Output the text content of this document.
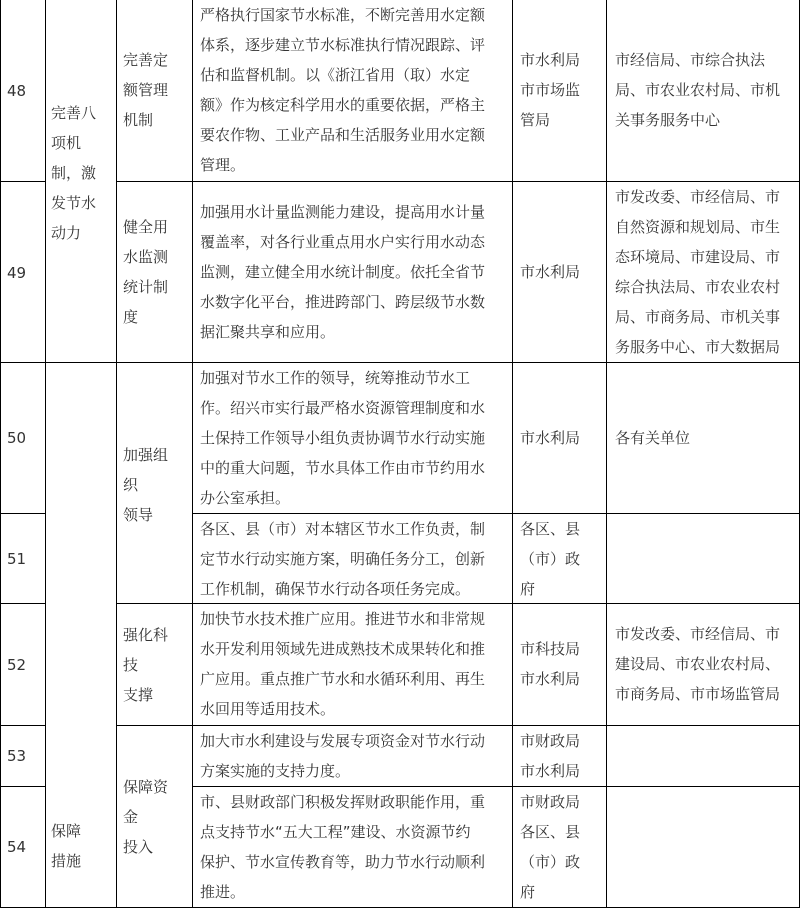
48
49
50
51
52
53
54
完善八
项机
制，激
发节水
动力
保障
措施
完善定
额管理
机制
健全用
水监测
统计制
度
加强组
织
领导
强化科
技
支撑
保障资
金
投入
严格执行国家节水标准，不断完善用水定额
体系，逐步建立节水标准执行情况跟踪、评
估和监督机制。以《浙江省用（取）水定
额》作为核定科学用水的重要依据，严格主
要农作物、工业产品和生活服务业用水定额
管理。
加强用水计量监测能力建设，提高用水计量
覆盖率，对各行业重点用水户实行用水动态
监测，建立健全用水统计制度。依托全省节
水数字化平台，推进跨部门、跨层级节水数
据汇聚共享和应用。
加强对节水工作的领导，统筹推动节水工
作。绍兴市实行最严格水资源管理制度和水
土保持工作领导小组负责协调节水行动实施
中的重大问题，节水具体工作由市节约用水
办公室承担。
各区、县（市）对本辖区节水工作负责，制
定节水行动实施方案，明确任务分工，创新
工作机制，确保节水行动各项任务完成。
加快节水技术推广应用。推进节水和非常规
水开发利用领域先进成熟技术成果转化和推
广应用。重点推广节水和水循环利用、再生
水回用等适用技术。
加大市水利建设与发展专项资金对节水行动
方案实施的支持力度。
市、县财政部门积极发挥财政职能作用，重
点支持节水“五大工程”建设、水资源节约
保护、节水宣传教育等，助力节水行动顺利
推进。
市水利局
市市场监
管局
市水利局
市水利局
各区、县
（市）政
府
市科技局
市水利局
市财政局
市水利局
市财政局
各区、县
（市）政
府
市经信局、市综合执法
局、市农业农村局、市机
关事务服务中心
市发改委、市经信局、市
自然资源和规划局、市生
态环境局、市建设局、市
综合执法局、市农业农村
局、市商务局、市机关事
务服务中心、市大数据局
各有关单位
市发改委、市经信局、市
建设局、市农业农村局、
市商务局、市市场监管局
